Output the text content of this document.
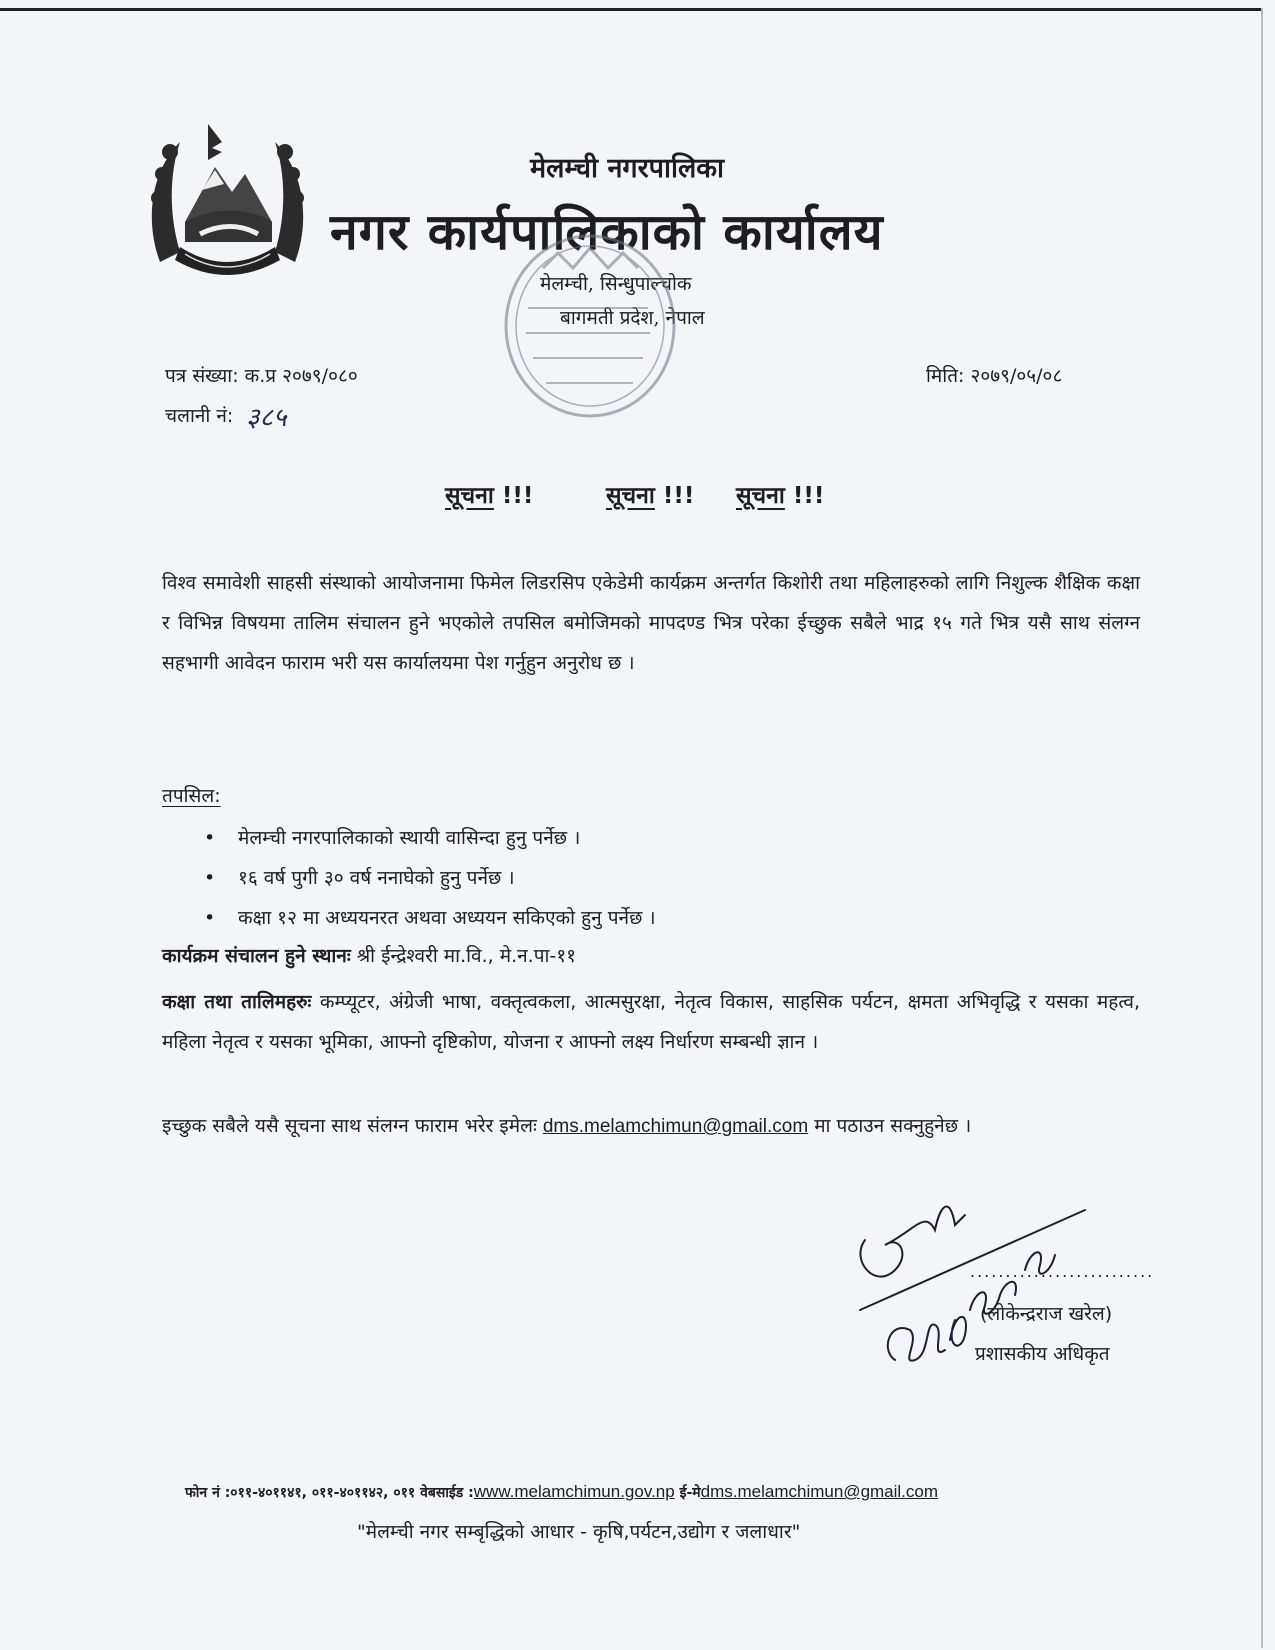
मेलम्ची नगरपालिका
नगर कार्यपालिकाको कार्यालय
मेलम्ची, सिन्धुपाल्चोक
बागमती प्रदेश, नेपाल
पत्र संख्या: क.प्र २०७९/०८०
चलानी नं: ३८५
मिति: २०७९/०५/०८
सूचना !!!	सूचना !!! सूचना !!!
विश्व समावेशी साहसी संस्थाको आयोजनामा फिमेल लिडरसिप एकेडेमी कार्यक्रम अन्तर्गत किशोरी तथा महिलाहरुको लागि निशुल्क शैक्षिक कक्षा र विभिन्न विषयमा तालिम संचालन हुने भएकोले तपसिल बमोजिमको मापदण्ड भित्र परेका ईच्छुक सबैले भाद्र १५ गते भित्र यसै साथ संलग्न सहभागी आवेदन फाराम भरी यस कार्यालयमा पेश गर्नुहुन अनुरोध छ ।
तपसिल:
• मेलम्ची नगरपालिकाको स्थायी वासिन्दा हुनु पर्नेछ ।
• १६ वर्ष पुगी ३० वर्ष ननाघेको हुनु पर्नेछ ।
• कक्षा १२ मा अध्ययनरत अथवा अध्ययन सकिएको हुनु पर्नेछ ।
कार्यक्रम संचालन हुने स्थानः श्री ईन्द्रेश्वरी मा.वि., मे.न.पा-११
कक्षा तथा तालिमहरुः कम्प्यूटर, अंग्रेजी भाषा, वक्तृत्वकला, आत्मसुरक्षा, नेतृत्व विकास, साहसिक पर्यटन, क्षमता अभिवृद्धि र यसका महत्व, महिला नेतृत्व र यसका भूमिका, आफ्नो दृष्टिकोण, योजना र आफ्नो लक्ष्य निर्धारण सम्बन्धी ज्ञान ।
इच्छुक सबैले यसै सूचना साथ संलग्न फाराम भरेर इमेलः dms.melamchimun@gmail.com मा पठाउन सक्नुहुनेछ ।
..........................
(लोकेन्द्रराज खरेल)
प्रशासकीय अधिकृत
फोन नं :०११-४०११४१, ०११-४०११४२, ०११ वेबसाईड :www.melamchimun.gov.np ई-मेdms.melamchimun@gmail.com
"मेलम्ची नगर सम्बृद्धिको आधार - कृषि,पर्यटन,उद्योग र जलाधार"
